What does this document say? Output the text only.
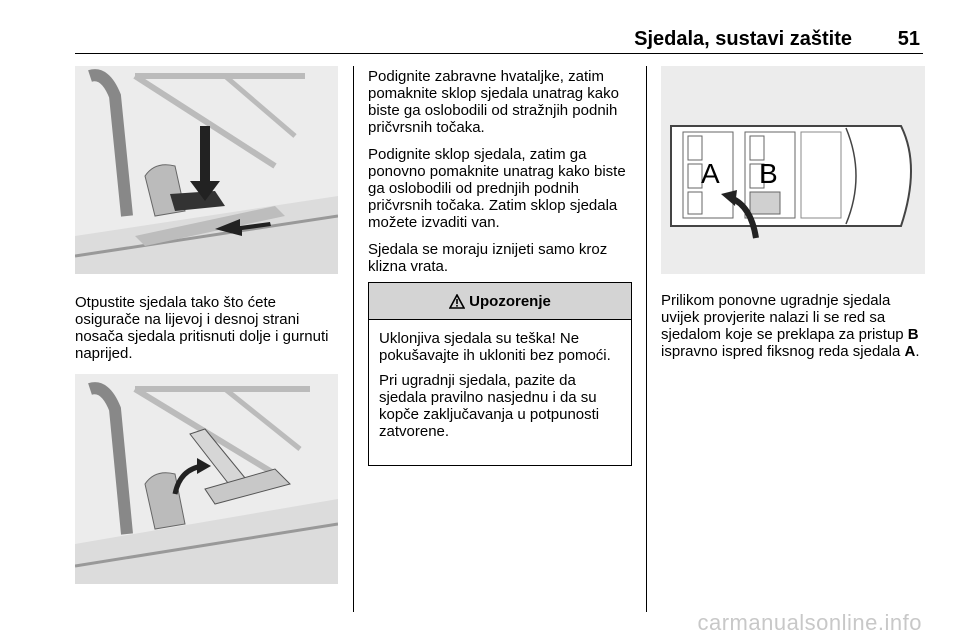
Sjedala, sustavi zaštite 51

Otpustite sjedala tako što ćete osigurače na lijevoj i desnoj strani nosača sjedala pritisnuti dolje i gurnuti naprijed.

Podignite zabravne hvataljke, zatim pomaknite sklop sjedala unatrag kako biste ga oslobodili od stražnjih podnih pričvrsnih točaka.

Podignite sklop sjedala, zatim ga ponovno pomaknite unatrag kako biste ga oslobodili od prednjih podnih pričvrsnih točaka. Zatim sklop sjedala možete izvaditi van.

Sjedala se moraju iznijeti samo kroz klizna vrata.

Upozorenje

Uklonjiva sjedala su teška! Ne pokušavajte ih ukloniti bez pomoći.

Pri ugradnji sjedala, pazite da sjedala pravilno nasjednu i da su kopče zaključavanja u potpunosti zatvorene.

A B

Prilikom ponovne ugradnje sjedala uvijek provjerite nalazi li se red sa sjedalom koje se preklapa za pristup B ispravno ispred fiksnog reda sjedala A.

carmanualsonline.info
